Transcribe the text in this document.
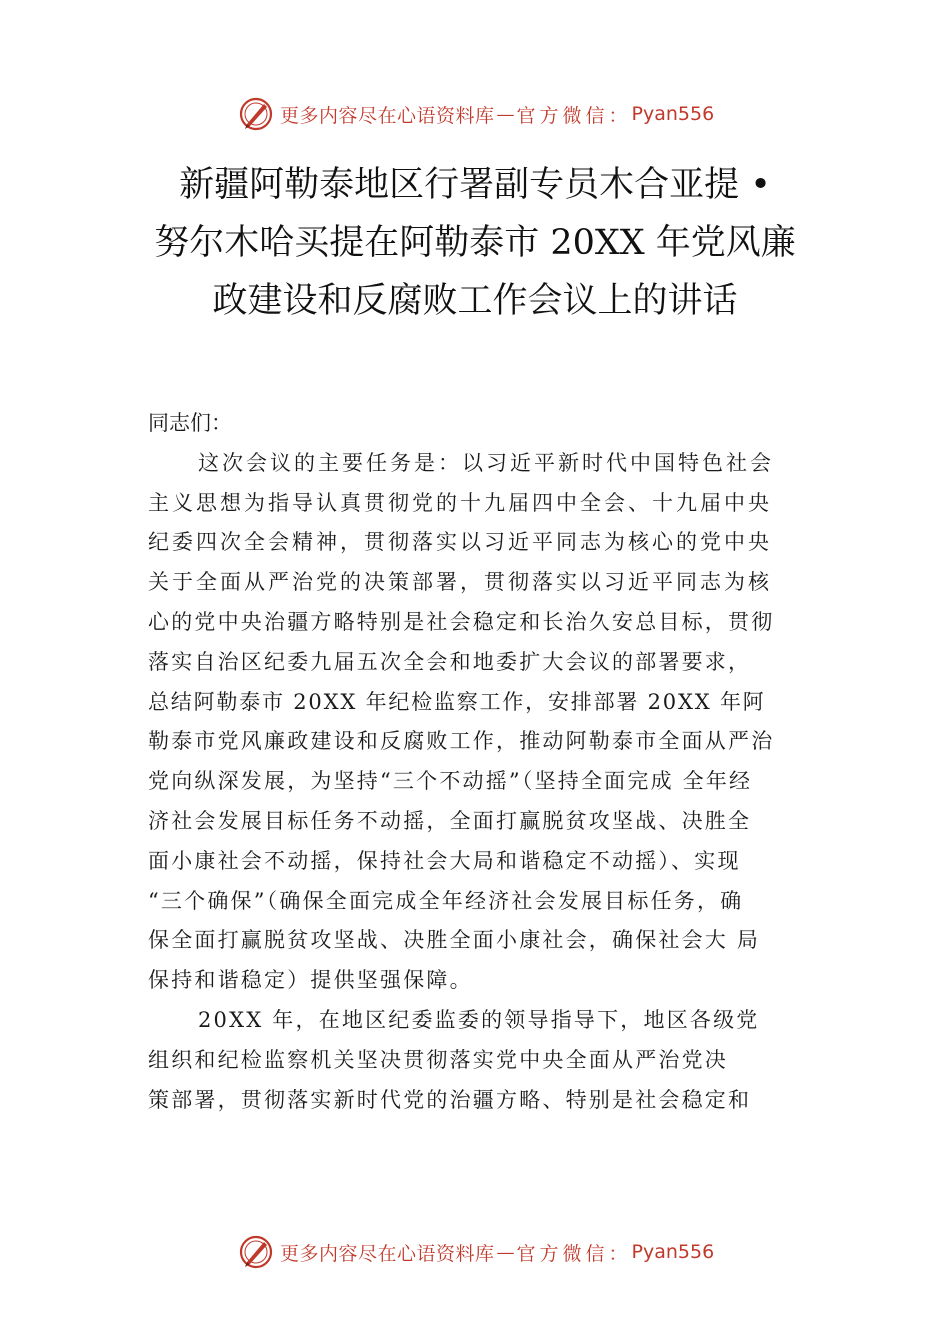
更多内容尽在心语资料库 — 官方微信： Pyan556
新疆阿勒泰地区行署副专员木合亚提 •
努尔木哈买提在阿勒泰市 20XX 年党风廉
政建设和反腐败工作会议上的讲话
同志们：
这次会议的主要任务是：以习近平新时代中国特色社会
主义思想为指导认真贯彻党的十九届四中全会、十九届中央
纪委四次全会精神，贯彻落实以习近平同志为核心的党中央
关于全面从严治党的决策部署，贯彻落实以习近平同志为核
心的党中央治疆方略特别是社会稳定和长治久安总目标，贯彻
落实自治区纪委九届五次全会和地委扩大会议的部署要求，
总结阿勒泰市 20XX 年纪检监察工作，安排部署 20XX 年阿
勒泰市党风廉政建设和反腐败工作，推动阿勒泰市全面从严治
党向纵深发展，为坚持“三个不动摇”（坚持全面完成 全年经
济社会发展目标任务不动摇，全面打赢脱贫攻坚战、决胜全
面小康社会不动摇，保持社会大局和谐稳定不动摇）、实现
“三个确保”（确保全面完成全年经济社会发展目标任务，确
保全面打赢脱贫攻坚战、决胜全面小康社会，确保社会大 局
保持和谐稳定）提供坚强保障。
20XX 年，在地区纪委监委的领导指导下，地区各级党
组织和纪检监察机关坚决贯彻落实党中央全面从严治党决
策部署，贯彻落实新时代党的治疆方略、特别是社会稳定和
更多内容尽在心语资料库 — 官方微信： Pyan556
